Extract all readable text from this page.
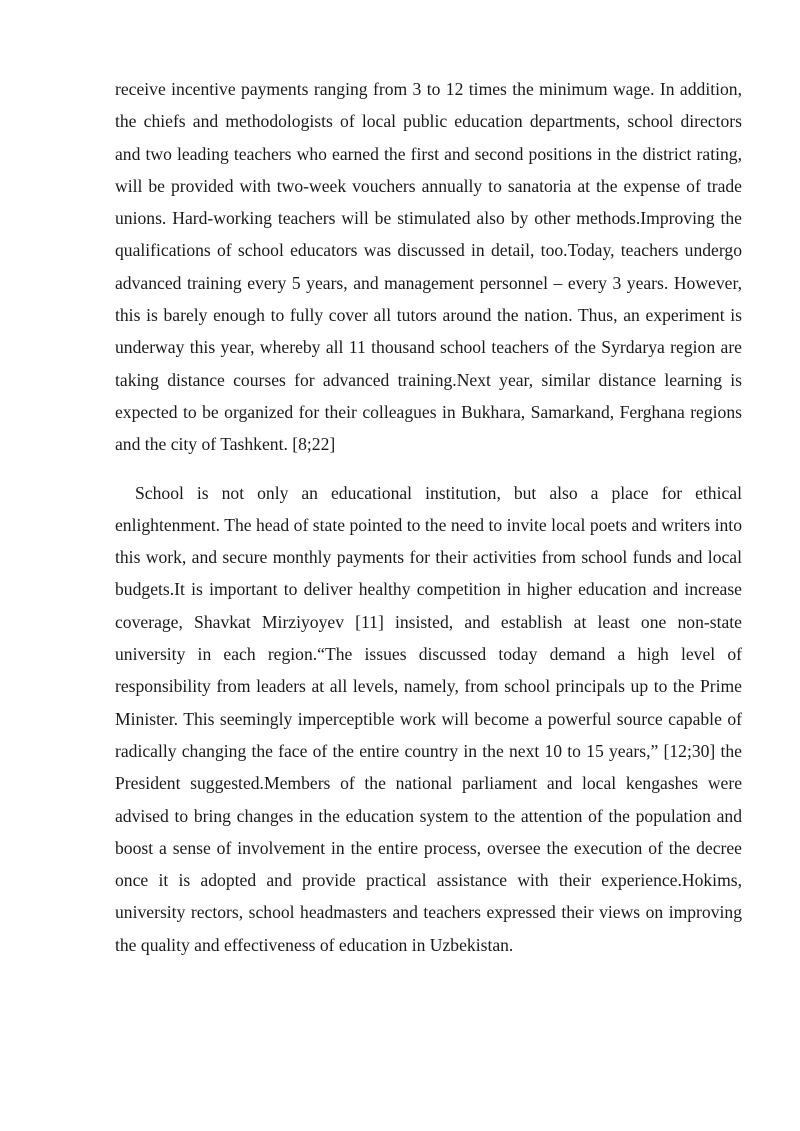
receive incentive payments ranging from 3 to 12 times the minimum wage. In addition, the chiefs and methodologists of local public education departments, school directors and two leading teachers who earned the first and second positions in the district rating, will be provided with two-week vouchers annually to sanatoria at the expense of trade unions. Hard-working teachers will be stimulated also by other methods.Improving the qualifications of school educators was discussed in detail, too.Today, teachers undergo advanced training every 5 years, and management personnel – every 3 years. However, this is barely enough to fully cover all tutors around the nation. Thus, an experiment is underway this year, whereby all 11 thousand school teachers of the Syrdarya region are taking distance courses for advanced training.Next year, similar distance learning is expected to be organized for their colleagues in Bukhara, Samarkand, Ferghana regions and the city of Tashkent. [8;22]

School is not only an educational institution, but also a place for ethical enlightenment. The head of state pointed to the need to invite local poets and writers into this work, and secure monthly payments for their activities from school funds and local budgets.It is important to deliver healthy competition in higher education and increase coverage, Shavkat Mirziyoyev [11] insisted, and establish at least one non-state university in each region.“The issues discussed today demand a high level of responsibility from leaders at all levels, namely, from school principals up to the Prime Minister. This seemingly imperceptible work will become a powerful source capable of radically changing the face of the entire country in the next 10 to 15 years,” [12;30] the President suggested.Members of the national parliament and local kengashes were advised to bring changes in the education system to the attention of the population and boost a sense of involvement in the entire process, oversee the execution of the decree once it is adopted and provide practical assistance with their experience.Hokims, university rectors, school headmasters and teachers expressed their views on improving the quality and effectiveness of education in Uzbekistan.
